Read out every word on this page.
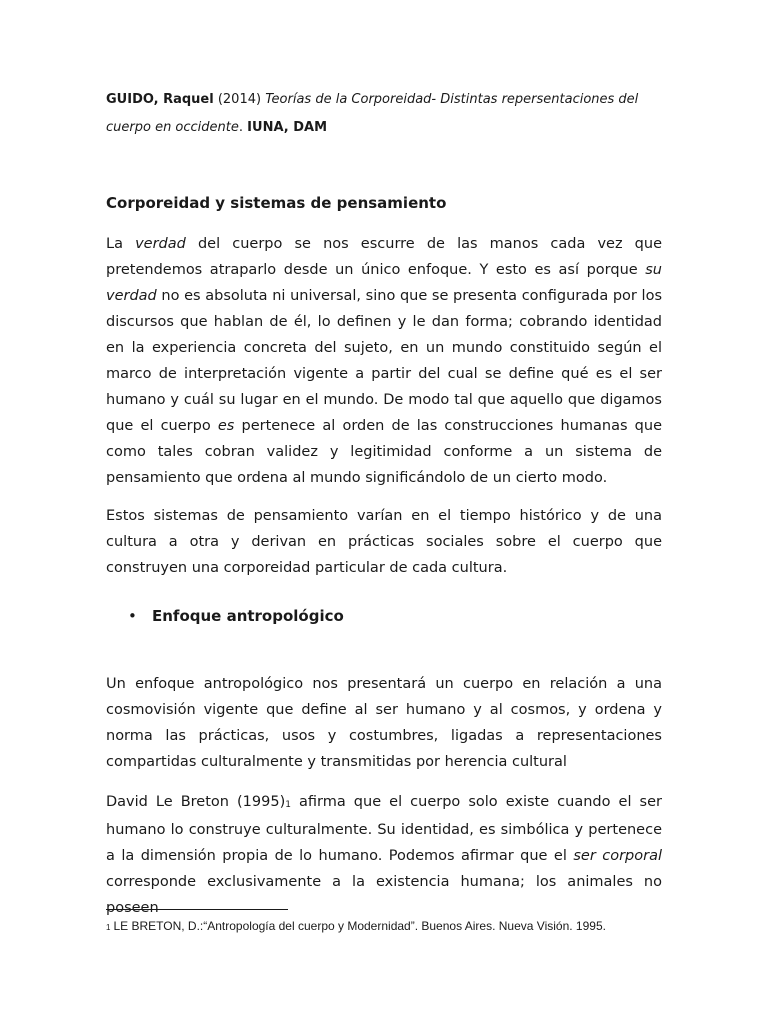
GUIDO, Raquel (2014) Teorías de la Corporeidad- Distintas repersentaciones del cuerpo en occidente. IUNA, DAM
Corporeidad y sistemas de pensamiento

La verdad del cuerpo se nos escurre de las manos cada vez que pretendemos atraparlo desde un único enfoque. Y esto es así porque su verdad no es absoluta ni universal, sino que se presenta configurada por los discursos que hablan de él, lo definen y le dan forma; cobrando identidad en la experiencia concreta del sujeto, en un mundo constituido según el marco de interpretación vigente a partir del cual se define qué es el ser humano y cuál su lugar en el mundo. De modo tal que aquello que digamos que el cuerpo es pertenece al orden de las construcciones humanas que como tales cobran validez y legitimidad conforme a un sistema de pensamiento que ordena al mundo significándolo de un cierto modo.

Estos sistemas de pensamiento varían en el tiempo histórico y de una cultura a otra y derivan en prácticas sociales sobre el cuerpo que construyen una corporeidad particular de cada cultura.

• Enfoque antropológico

Un enfoque antropológico nos presentará un cuerpo en relación a una cosmovisión vigente que define al ser humano y al cosmos, y ordena y norma las prácticas, usos y costumbres, ligadas a representaciones compartidas culturalmente y transmitidas por herencia cultural

David Le Breton (1995)1 afirma que el cuerpo solo existe cuando el ser humano lo construye culturalmente. Su identidad, es simbólica y pertenece a la dimensión propia de lo humano. Podemos afirmar que el ser corporal corresponde exclusivamente a la existencia humana; los animales no poseen

1 LE BRETON, D.:“Antropología del cuerpo y Modernidad”. Buenos Aires. Nueva Visión. 1995.
